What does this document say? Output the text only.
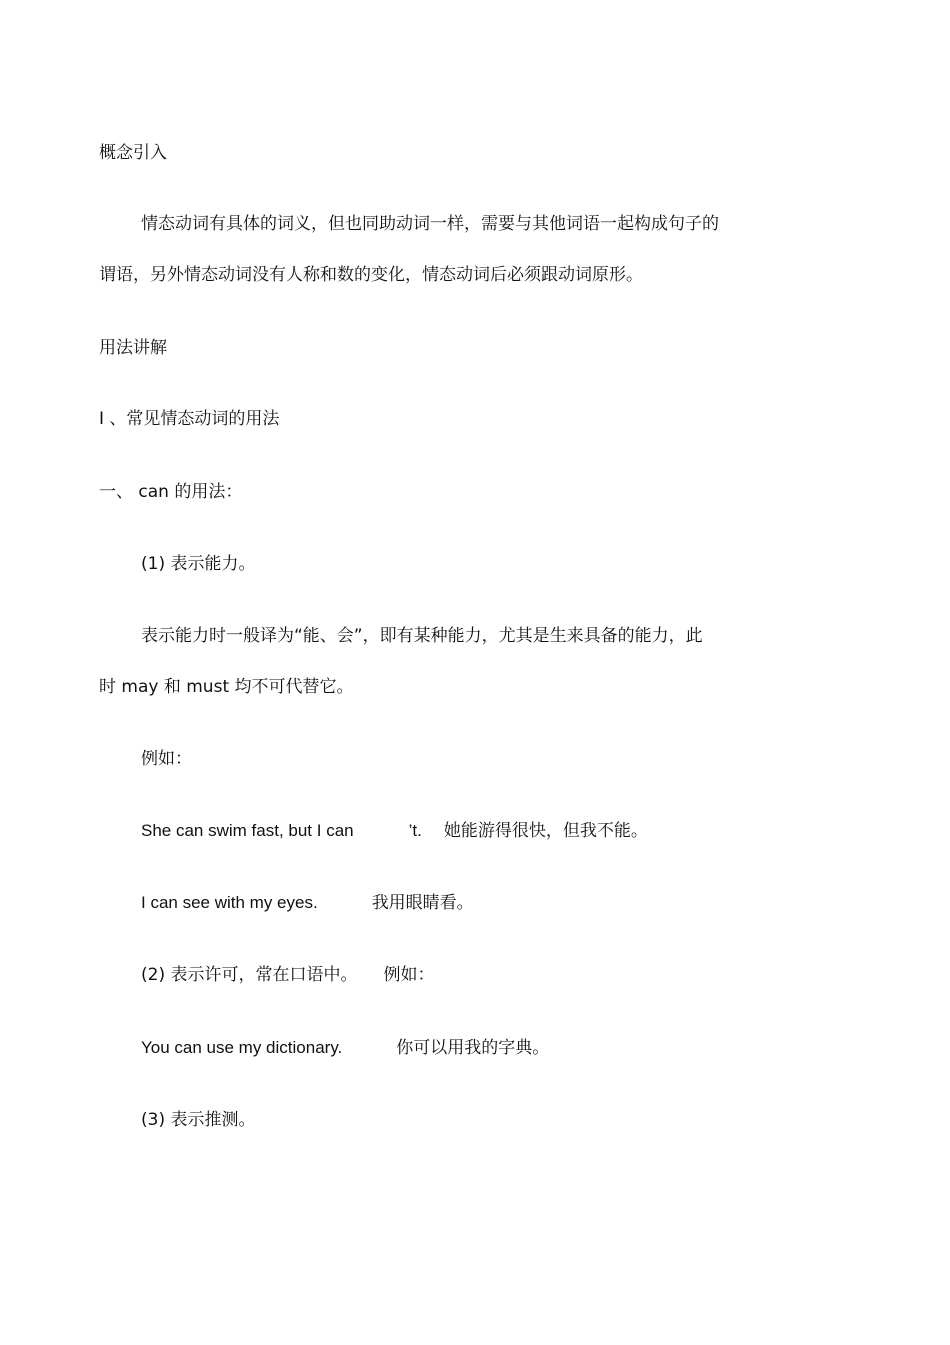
概念引入
情态动词有具体的词义，但也同助动词一样，需要与其他词语一起构成句子的
谓语，另外情态动词没有人称和数的变化，情态动词后必须跟动词原形。
用法讲解
I 、常见情态动词的用法
一、 can 的用法：
(1) 表示能力。
表示能力时一般译为“能、会”，即有某种能力，尤其是生来具备的能力，此
时 may 和 must 均不可代替它。
例如：
She can swim fast, but I can	’t. 她能游得很快，但我不能。
I can see with my eyes.	我用眼睛看。
(2) 表示许可，常在口语中。 例如：
You can use my dictionary.	你可以用我的字典。
(3) 表示推测。
